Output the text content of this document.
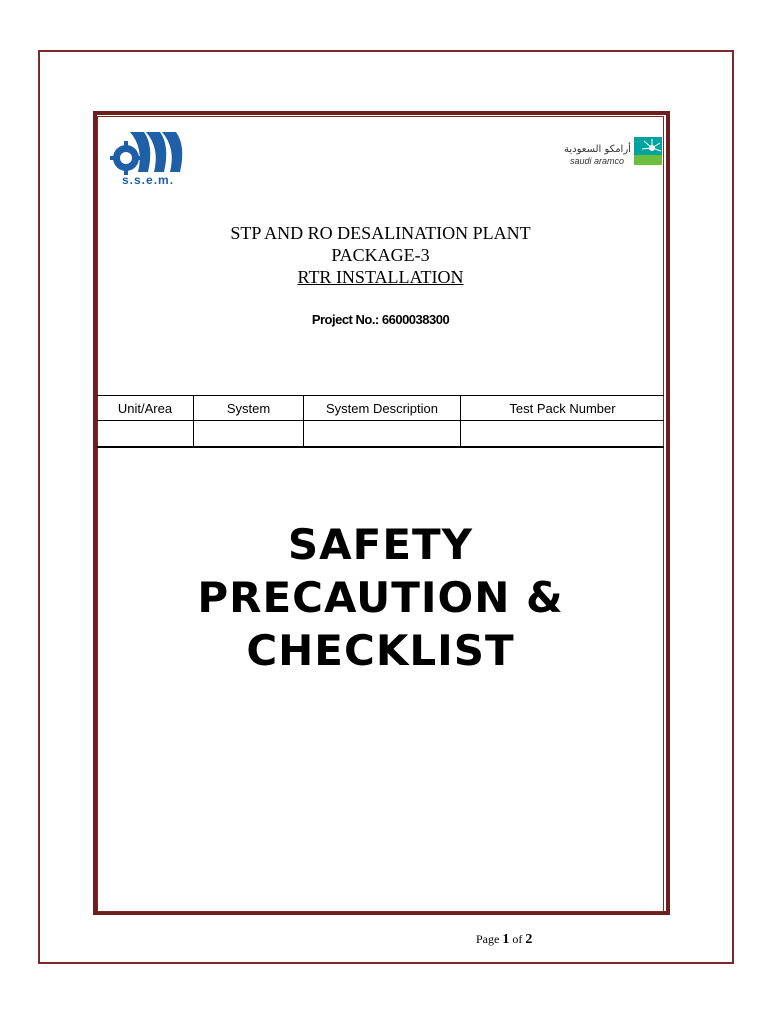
s.s.e.m.
أرامكو السعودية
saudi aramco
STP AND RO DESALINATION PLANT
PACKAGE-3
RTR INSTALLATION
Project No.: 6600038300
Unit/Area	System	System Description	Test Pack Number

SAFETY
PRECAUTION &
CHECKLIST
Page 1 of 2
